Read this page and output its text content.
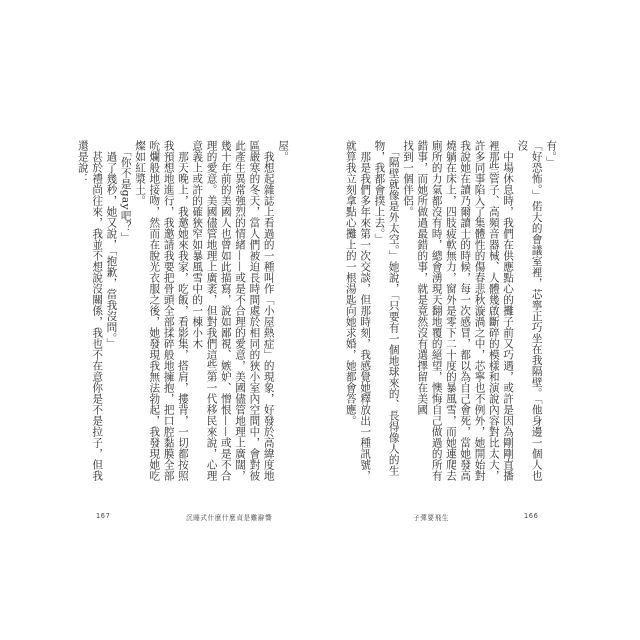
屋。

　我想起雜誌上看過的一種叫作「小屋熱症」的現象，好發於高緯度地區嚴寒的冬天，當人們被迫長時間處於相同的狹小室內空間中，會對彼此產生異常強烈的情緒——或是不合理的愛意，美國儘管地理上廣闊，幾十年前的美國人也曾如此描寫，說如鄙視、嫉妒、憎恨——或是不合理的愛意。美國儘管地理上廣袤，但對我們這些第一代移民來說，心理意義上或許的確狹窄如暴風雪中的一棟小木

　那天晚上，我邀她來我家，吃飯，看影集，搭肩，摟背，一切都按照我預想地進行，我邀請我要把骨頭全部揉碎般地擁抱，把口腔黏膜全部吮爛般地接吻，然而在脫光衣服之後，她發現我無法勃起，我發現她吃燦如紅漿土。

　「你不是gay吧？」

　過了幾秒，她又說，「抱歉，當我沒問。」

　甚於禮尚往來，我並不想說沒關係，我也不在意你是不是拉子，但我還是說：	有。」

「好恐怖。」偌大的會議室裡，芯寧正巧坐在我隔壁。「他身邊一個人也沒

　中場休息時，我們在供應點心的攤子前又巧遇，或許是因為剛剛直播裡那些管子、高頻音器械、人體幾啟斷碎的模樣和演說內容對比太大，許多同事陷入了集體性的傷春悲秋漩渦之中，芯寧也不例外，她開始對我說她在讀乃爾讀士的時候，每一次感冒，都以為自己會死，當她發高燒躺在床上，四肢疲軟無力，窗外是零下二十度的暴風雪，而她連爬去廁所的力氣都沒有時，總會湧現天翻地覆的絕望，懊悔自己做過的所有錯事，而她所做過最錯的事，就是竟然沒有選擇留在美國

找到一個伴侶。

　「隔壁就像是外太空。」她說，「只要有一個地球來的、長得像人的生物，我都會撲上去。」

　那是我們多年來第一次交談，但那時刻，我感覺她釋放出一種訊號，就算我立刻拿點心攤上的一根湯匙向她求婚，她都會答應。

167	沉睡式什麼什麼貞是難辭響	子彈要飛生	166
